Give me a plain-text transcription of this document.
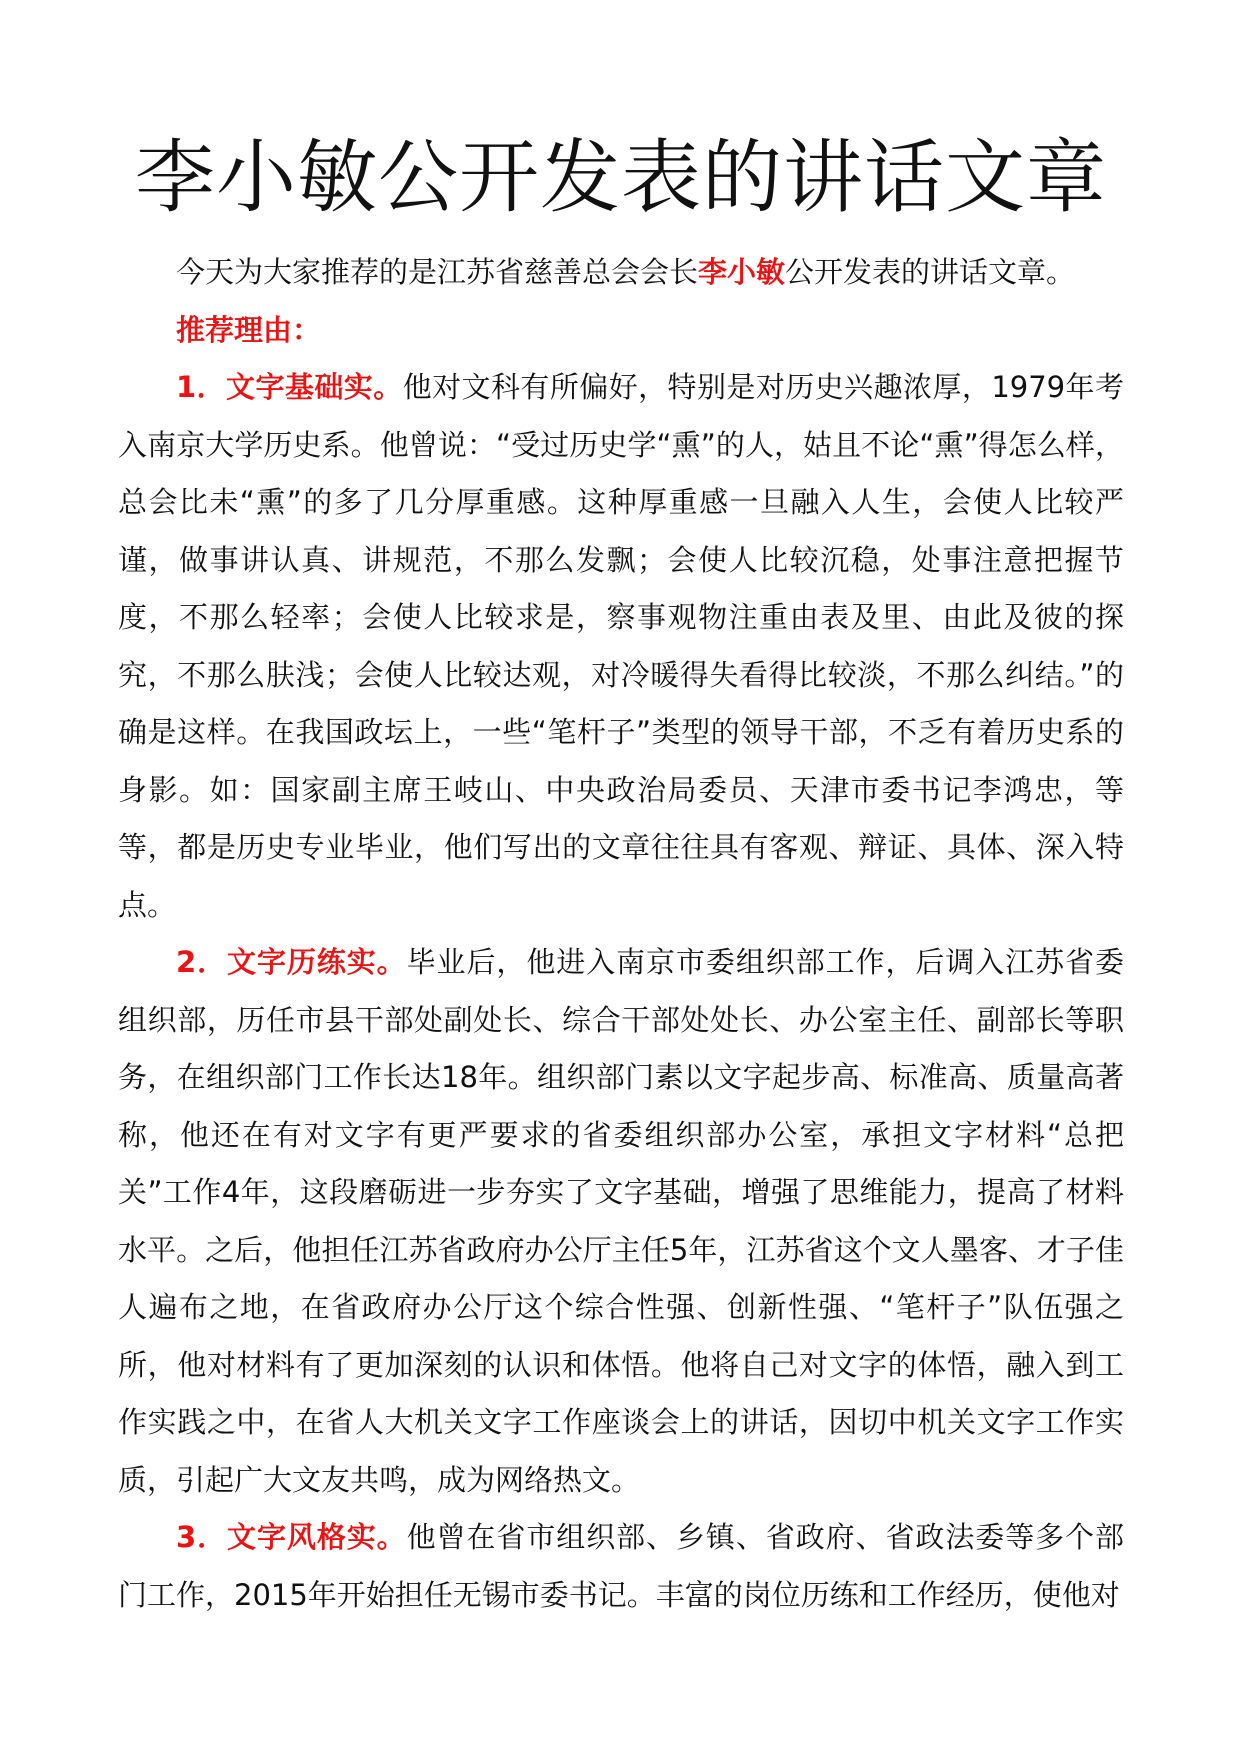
李小敏公开发表的讲话文章

今天为大家推荐的是江苏省慈善总会会长李小敏公开发表的讲话文章。

推荐理由：

1．文字基础实。他对文科有所偏好，特别是对历史兴趣浓厚，1979年考入南京大学历史系。他曾说：“受过历史学“熏”的人，姑且不论“熏”得怎么样，总会比未“熏”的多了几分厚重感。这种厚重感一旦融入人生，会使人比较严谨，做事讲认真、讲规范，不那么发飘；会使人比较沉稳，处事注意把握节度，不那么轻率；会使人比较求是，察事观物注重由表及里、由此及彼的探究，不那么肤浅；会使人比较达观，对冷暖得失看得比较淡，不那么纠结。”的确是这样。在我国政坛上，一些“笔杆子”类型的领导干部，不乏有着历史系的身影。如：国家副主席王岐山、中央政治局委员、天津市委书记李鸿忠，等等，都是历史专业毕业，他们写出的文章往往具有客观、辩证、具体、深入特点。

2．文字历练实。毕业后，他进入南京市委组织部工作，后调入江苏省委组织部，历任市县干部处副处长、综合干部处处长、办公室主任、副部长等职务，在组织部门工作长达18年。组织部门素以文字起步高、标准高、质量高著称，他还在有对文字有更严要求的省委组织部办公室，承担文字材料“总把关”工作4年，这段磨砺进一步夯实了文字基础，增强了思维能力，提高了材料水平。之后，他担任江苏省政府办公厅主任5年，江苏省这个文人墨客、才子佳人遍布之地，在省政府办公厅这个综合性强、创新性强、“笔杆子”队伍强之所，他对材料有了更加深刻的认识和体悟。他将自己对文字的体悟，融入到工作实践之中，在省人大机关文字工作座谈会上的讲话，因切中机关文字工作实质，引起广大文友共鸣，成为网络热文。

3．文字风格实。他曾在省市组织部、乡镇、省政府、省政法委等多个部门工作，2015年开始担任无锡市委书记。丰富的岗位历练和工作经历，使他对
